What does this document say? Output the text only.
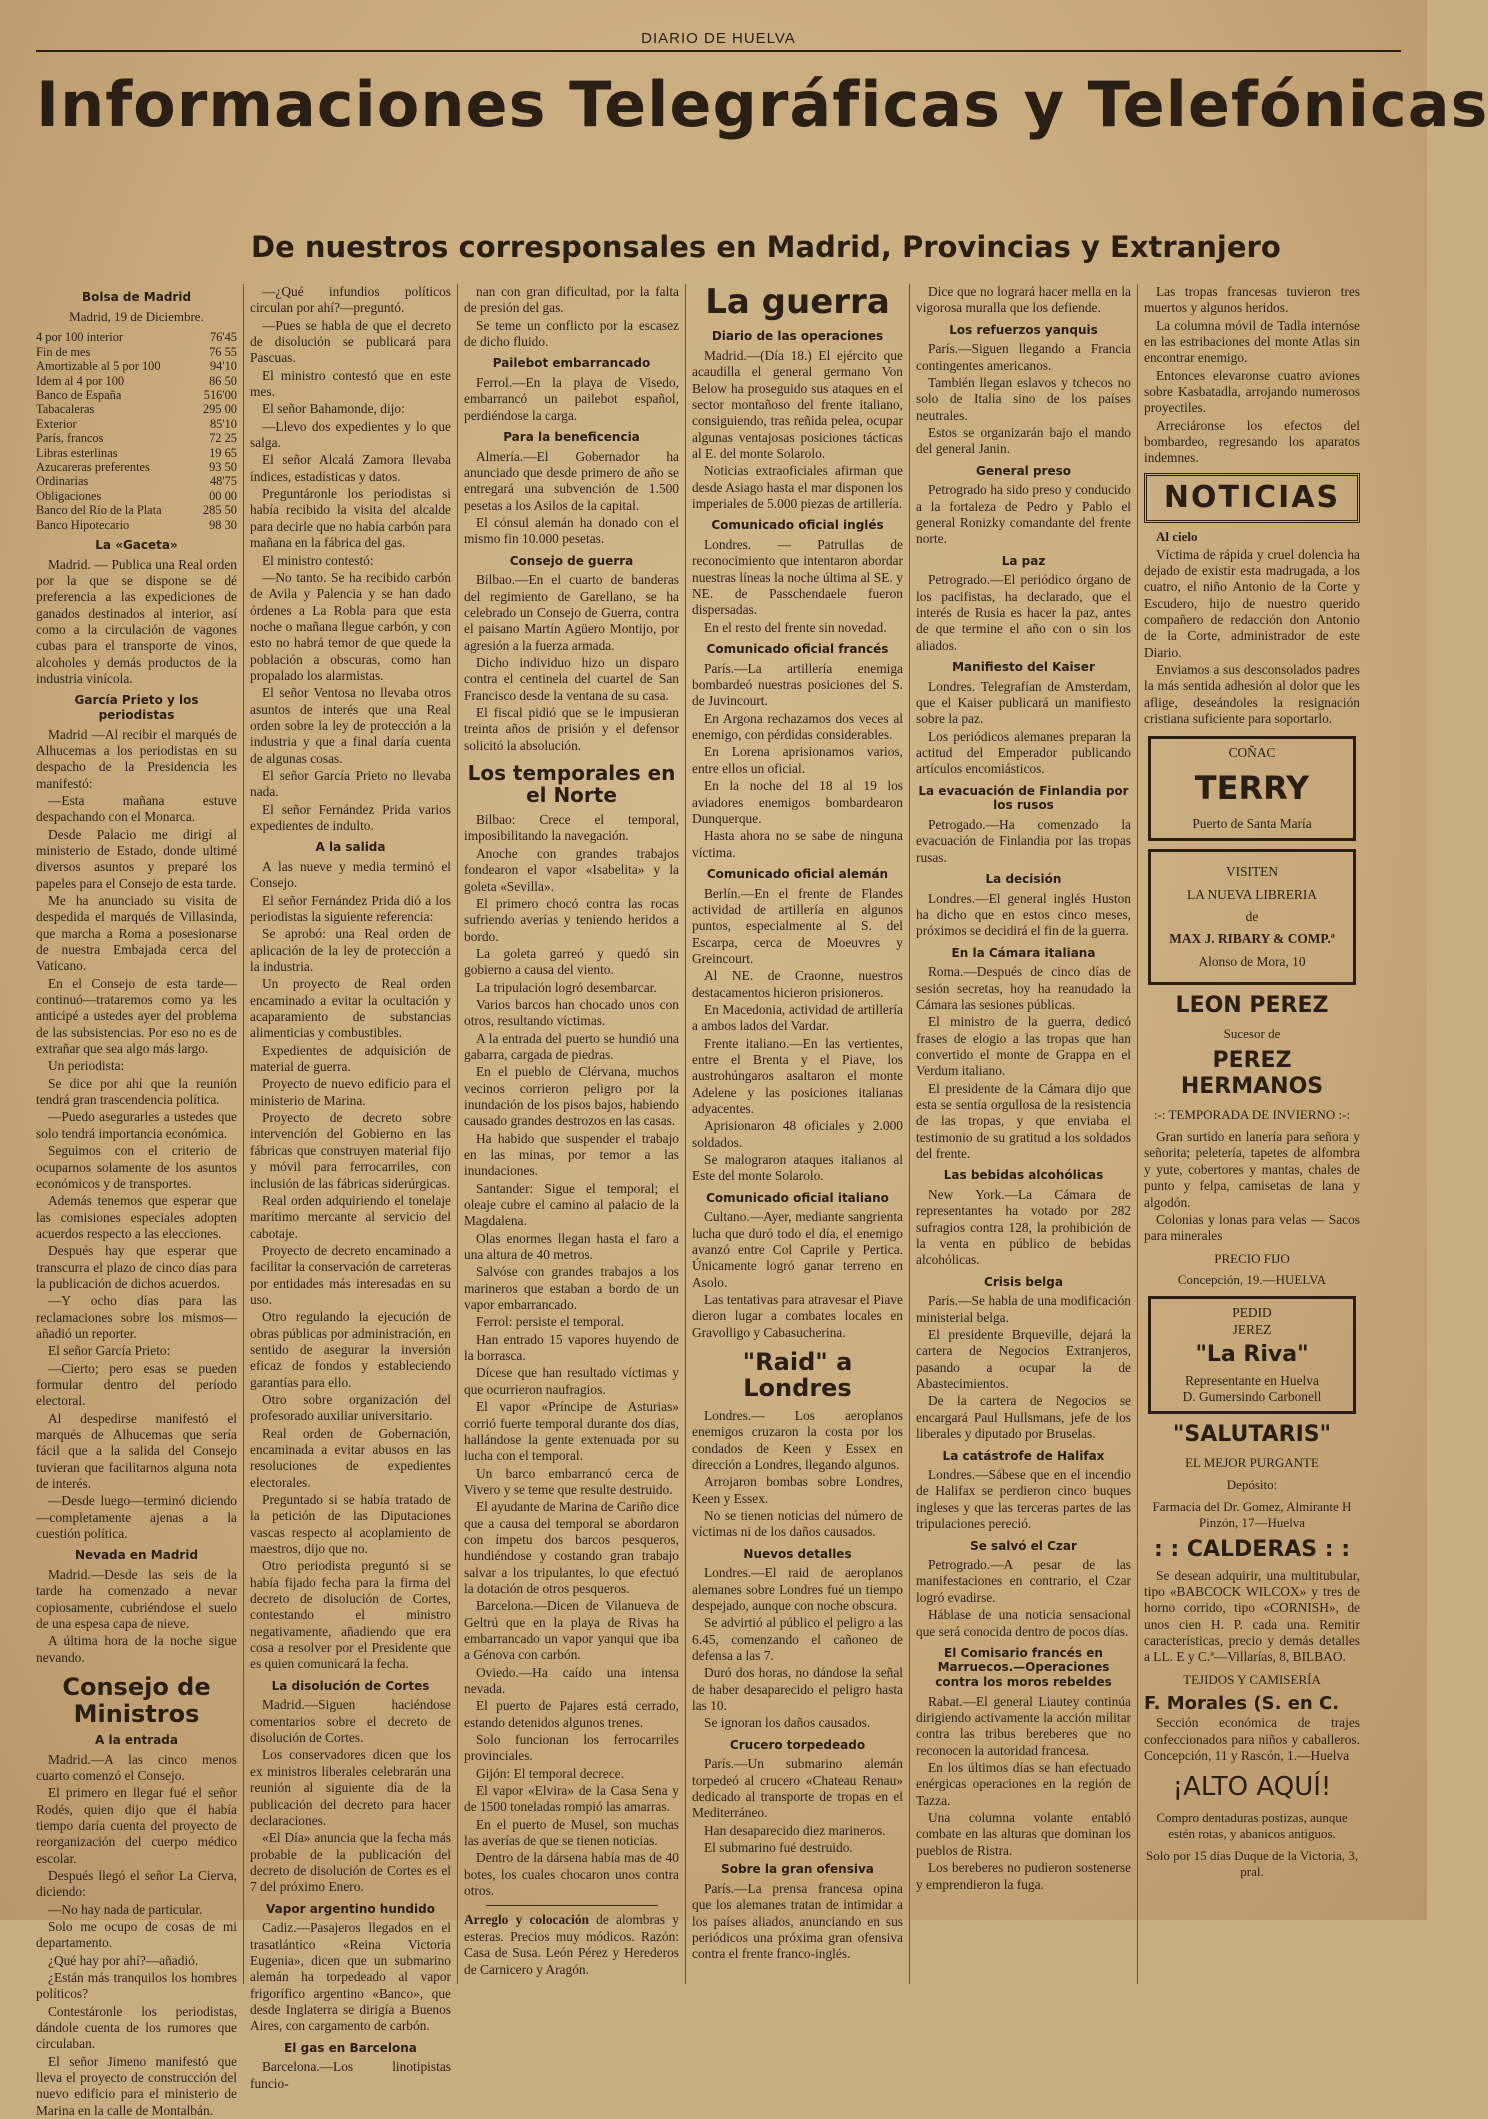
DIARIO DE HUELVA
Informaciones Telegráficas y Telefónicas
De nuestros corresponsales en Madrid, Provincias y Extranjero
Bolsa de Madrid
Madrid, 19 de Diciembre.
4 por 100 interior	76'45
Fin de mes	76 55
Amortizable al 5 por 100	94'10
Idem al 4 por 100	86 50
Banco de España	516'00
Tabacaleras	295 00
Exterior	85'10
París, francos	72 25
Libras esterlinas	19 65
Azucareras preferentes	93 50
Ordinarias	48'75
Obligaciones	00 00
Banco del Río de la Plata	285 50
Banco Hipotecario	98 30
La «Gaceta»

Madrid. — Publica una Real orden por la que se dispone se dé preferencia a las expediciones de ganados destinados al interior, así como a la circulación de vagones cubas para el transporte de vinos, alcoholes y demás productos de la industria vinícola.

García Prieto y los periodistas

Madrid —Al recibir el marqués de Alhucemas a los periodistas en su despacho de la Presidencia les manifestó:

—Esta mañana estuve despachando con el Monarca.

Desde Palacio me dirigí al ministerio de Estado, donde ultimé diversos asuntos y preparé los papeles para el Consejo de esta tarde.

Me ha anunciado su visita de despedida el marqués de Villasinda, que marcha a Roma a posesionarse de nuestra Embajada cerca del Vaticano.

En el Consejo de esta tarde—continuó—trataremos como ya les anticipé a ustedes ayer del problema de las subsistencias. Por eso no es de extrañar que sea algo más largo.

Un periodista:

Se dice por ahí que la reunión tendrá gran trascendencia política.

—Puedo asegurarles a ustedes que solo tendrá importancia económica.

Seguimos con el criterio de ocuparnos solamente de los asuntos económicos y de transportes.

Además tenemos que esperar que las comisiones especiales adopten acuerdos respecto a las elecciones.

Después hay que esperar que transcurra el plazo de cinco días para la publicación de dichos acuerdos.

—Y ocho días para las reclamaciones sobre los mismos—añadió un reporter.

El señor García Prieto:

—Cierto; pero esas se pueden formular dentro del período electoral.

Al despedirse manifestó el marqués de Alhucemas que sería fácil que a la salida del Consejo tuvieran que facilitarnos alguna nota de interés.

—Desde luego—terminó diciendo—completamente ajenas a la cuestión política.

Nevada en Madrid

Madrid.—Desde las seis de la tarde ha comenzado a nevar copiosamente, cubriéndose el suelo de una espesa capa de nieve.

A última hora de la noche sigue nevando.

Consejo de Ministros
A la entrada

Madrid.—A las cinco menos cuarto comenzó el Consejo.

El primero en llegar fué el señor Rodés, quien dijo que él había tiempo daría cuenta del proyecto de reorganización del cuerpo médico escolar.

Después llegó el señor La Cierva, diciendo:

—No hay nada de particular.

Solo me ocupo de cosas de mi departamento.

¿Qué hay por ahí?—añadió.

¿Están más tranquilos los hombres políticos?

Contestáronle los periodistas, dándole cuenta de los rumores que circulaban.

El señor Jimeno manifestó que lleva el proyecto de construcción del nuevo edificio para el ministerio de Marina en la calle de Montalbán.

—¿Qué infundios políticos circulan por ahí?—preguntó.

—Pues se habla de que el decreto de disolución se publicará para Pascuas.

El ministro contestó que en este mes.

El señor Bahamonde, dijo:

—Llevo dos expedientes y lo que salga.

El señor Alcalá Zamora llevaba índices, estadísticas y datos.

Preguntáronle los periodistas si había recibido la visita del alcalde para decirle que no había carbón para mañana en la fábrica del gas.

El ministro contestó:

—No tanto. Se ha recibido carbón de Avila y Palencia y se han dado órdenes a La Robla para que esta noche o mañana llegue carbón, y con esto no habrá temor de que quede la población a obscuras, como han propalado los alarmistas.

El señor Ventosa no llevaba otros asuntos de interés que una Real orden sobre la ley de protección a la industria y que a final daría cuenta de algunas cosas.

El señor García Prieto no llevaba nada.

El señor Fernández Prida varios expedientes de indulto.

A la salida

A las nueve y media terminó el Consejo.

El señor Fernández Prida dió a los periodistas la siguiente referencia:

Se aprobó: una Real orden de aplicación de la ley de protección a la industria.

Un proyecto de Real orden encaminado a evitar la ocultación y acaparamiento de substancias alimenticias y combustibles.

Expedientes de adquisición de material de guerra.

Proyecto de nuevo edificio para el ministerio de Marina.

Proyecto de decreto sobre intervención del Gobierno en las fábricas que construyen material fijo y móvil para ferrocarriles, con inclusión de las fábricas siderúrgicas.

Real orden adquiriendo el tonelaje marítimo mercante al servicio del cabotaje.

Proyecto de decreto encaminado a facilitar la conservación de carreteras por entidades más interesadas en su uso.

Otro regulando la ejecución de obras públicas por administración, en sentido de asegurar la inversión eficaz de fondos y estableciendo garantías para ello.

Otro sobre organización del profesorado auxiliar universitario.

Real orden de Gobernación, encaminada a evitar abusos en las resoluciones de expedientes electorales.

Preguntado si se había tratado de la petición de las Diputaciones vascas respecto al acoplamiento de maestros, dijo que no.

Otro periodista preguntó si se había fijado fecha para la firma del decreto de disolución de Cortes, contestando el ministro negativamente, añadiendo que era cosa a resolver por el Presidente que es quien comunicará la fecha.

La disolución de Cortes

Madrid.—Siguen haciéndose comentarios sobre el decreto de disolución de Cortes.

Los conservadores dicen que los ex ministros liberales celebrarán una reunión al siguiente día de la publicación del decreto para hacer declaraciones.

«El Día» anuncia que la fecha más probable de la publicación del decreto de disolución de Cortes es el 7 del próximo Enero.

Vapor argentino hundido

Cadiz.—Pasajeros llegados en el trasatlántico «Reina Victoria Eugenia», dicen que un submarino alemán ha torpedeado al vapor frigorífico argentino «Banco», que desde Inglaterra se dirigía a Buenos Aires, con cargamento de carbón.

El gas en Barcelona

Barcelona.—Los linotipistas funcio-

nan con gran dificultad, por la falta de presión del gas.

Se teme un conflicto por la escasez de dicho fluido.

Pailebot embarrancado

Ferrol.—En la playa de Visedo, embarrancó un pailebot español, perdiéndose la carga.

Para la beneficencia

Almería.—El Gobernador ha anunciado que desde primero de año se entregará una subvención de 1.500 pesetas a los Asilos de la capital.

El cónsul alemán ha donado con el mismo fin 10.000 pesetas.

Consejo de guerra

Bilbao.—En el cuarto de banderas del regimiento de Garellano, se ha celebrado un Consejo de Guerra, contra el paisano Martín Agüero Montijo, por agresión a la fuerza armada.

Dicho individuo hizo un disparo contra el centinela del cuartel de San Francisco desde la ventana de su casa.

El fiscal pidió que se le impusieran treinta años de prisión y el defensor solicitó la absolución.

Los temporales en el Norte

Bilbao: Crece el temporal, imposibilitando la navegación.

Anoche con grandes trabajos fondearon el vapor «Isabelita» y la goleta «Sevilla».

El primero chocó contra las rocas sufriendo averías y teniendo heridos a bordo.

La goleta garreó y quedó sin gobierno a causa del viento.

La tripulación logró desembarcar.

Varios barcos han chocado unos con otros, resultando víctimas.

A la entrada del puerto se hundió una gabarra, cargada de piedras.

En el pueblo de Clérvana, muchos vecinos corrieron peligro por la inundación de los pisos bajos, habiendo causado grandes destrozos en las casas.

Ha habido que suspender el trabajo en las minas, por temor a las inundaciones.

Santander: Sigue el temporal; el oleaje cubre el camino al palacio de la Magdalena.

Olas enormes llegan hasta el faro a una altura de 40 metros.

Salvóse con grandes trabajos a los marineros que estaban a bordo de un vapor embarrancado.

Ferrol: persiste el temporal.

Han entrado 15 vapores huyendo de la borrasca.

Dícese que han resultado víctimas y que ocurrieron naufragios.

El vapor «Príncipe de Asturias» corrió fuerte temporal durante dos días, hallándose la gente extenuada por su lucha con el temporal.

Un barco embarrancó cerca de Vivero y se teme que resulte destruido.

El ayudante de Marina de Cariño dice que a causa del temporal se abordaron con ímpetu dos barcos pesqueros, hundiéndose y costando gran trabajo salvar a los tripulantes, lo que efectuó la dotación de otros pesqueros.

Barcelona.—Dicen de Vilanueva de Geltrú que en la playa de Rivas ha embarrancado un vapor yanqui que iba a Génova con carbón.

Oviedo.—Ha caído una intensa nevada.

El puerto de Pajares está cerrado, estando detenidos algunos trenes.

Solo funcionan los ferrocarriles provinciales.

Gijón: El temporal decrece.

El vapor «Elvira» de la Casa Sena y de 1500 toneladas rompió las amarras.

En el puerto de Musel, son muchas las averías de que se tienen noticias.

Dentro de la dársena había mas de 40 botes, los cuales chocaron unos contra otros.

Arreglo y colocación de alombras y esteras. Precios muy módicos. Razón: Casa de Susa. León Pérez y Herederos de Carnicero y Aragón.

La guerra
Diario de las operaciones

Madrid.—(Día 18.) El ejército que acaudilla el general germano Von Below ha proseguido sus ataques en el sector montañoso del frente italiano, consiguiendo, tras reñida pelea, ocupar algunas ventajosas posiciones tácticas al E. del monte Solarolo.

Noticias extraoficiales afirman que desde Asiago hasta el mar disponen los imperiales de 5.000 piezas de artillería.

Comunicado oficial inglés

Londres. — Patrullas de reconocimiento que intentaron abordar nuestras líneas la noche última al SE. y NE. de Passchendaele fueron dispersadas.

En el resto del frente sin novedad.

Comunicado oficial francés

París.—La artillería enemiga bombardeó nuestras posiciones del S. de Juvincourt.

En Argona rechazamos dos veces al enemigo, con pérdidas considerables.

En Lorena aprisionamos varios, entre ellos un oficial.

En la noche del 18 al 19 los aviadores enemigos bombardearon Dunquerque.

Hasta ahora no se sabe de ninguna víctima.

Comunicado oficial alemán

Berlín.—En el frente de Flandes actividad de artillería en algunos puntos, especialmente al S. del Escarpa, cerca de Moeuvres y Greincourt.

Al NE. de Craonne, nuestros destacamentos hicieron prisioneros.

En Macedonia, actividad de artillería a ambos lados del Vardar.

Frente italiano.—En las vertientes, entre el Brenta y el Piave, los austrohúngaros asaltaron el monte Adelene y las posiciones italianas adyacentes.

Aprisionaron 48 oficiales y 2.000 soldados.

Se malograron ataques italianos al Este del monte Solarolo.

Comunicado oficial italiano

Cultano.—Ayer, mediante sangrienta lucha que duró todo el día, el enemigo avanzó entre Col Caprile y Pertica. Únicamente logró ganar terreno en Asolo.

Las tentativas para atravesar el Piave dieron lugar a combates locales en Gravolligo y Cabasucherina.

"Raid" a Londres

Londres.— Los aeroplanos enemigos cruzaron la costa por los condados de Keen y Essex en dirección a Londres, llegando algunos.

Arrojaron bombas sobre Londres, Keen y Essex.

No se tienen noticias del número de víctimas ni de los daños causados.

Nuevos detalles

Londres.—El raid de aeroplanos alemanes sobre Londres fué un tiempo despejado, aunque con noche obscura.

Se advirtió al público el peligro a las 6.45, comenzando el cañoneo de defensa a las 7.

Duró dos horas, no dándose la señal de haber desaparecido el peligro hasta las 10.

Se ignoran los daños causados.

Crucero torpedeado

París.—Un submarino alemán torpedeó al crucero «Chateau Renau» dedicado al transporte de tropas en el Mediterráneo.

Han desaparecido diez marineros.

El submarino fué destruido.

Sobre la gran ofensiva

París.—La prensa francesa opina que los alemanes tratan de intimidar a los países aliados, anunciando en sus periódicos una próxima gran ofensiva contra el frente franco-inglés.

Dice que no logrará hacer mella en la vigorosa muralla que los defiende.

Los refuerzos yanquis

París.—Siguen llegando a Francia contingentes americanos.

También llegan eslavos y tchecos no solo de Italia sino de los países neutrales.

Estos se organizarán bajo el mando del general Janin.

General preso

Petrogrado ha sido preso y conducido a la fortaleza de Pedro y Pablo el general Ronizky comandante del frente norte.

La paz

Petrogrado.—El periódico órgano de los pacifistas, ha declarado, que el interés de Rusia es hacer la paz, antes de que termine el año con o sin los aliados.

Manifiesto del Kaiser

Londres. Telegrafían de Amsterdam, que el Kaiser publicará un manifiesto sobre la paz.

Los periódicos alemanes preparan la actitud del Emperador publicando artículos encomiásticos.

La evacuación de Finlandia por los rusos

Petrogado.—Ha comenzado la evacuación de Finlandia por las tropas rusas.

La decisión

Londres.—El general inglés Huston ha dicho que en estos cinco meses, próximos se decidirá el fin de la guerra.

En la Cámara italiana

Roma.—Después de cinco días de sesión secretas, hoy ha reanudado la Cámara las sesiones públicas.

El ministro de la guerra, dedicó frases de elogio a las tropas que han convertido el monte de Grappa en el Verdum italiano.

El presidente de la Cámara dijo que esta se sentía orgullosa de la resistencia de las tropas, y que enviaba el testimonio de su gratitud a los soldados del frente.

Las bebidas alcohólicas

New York.—La Cámara de representantes ha votado por 282 sufragios contra 128, la prohibición de la venta en público de bebidas alcohólicas.

Crisis belga

París.—Se habla de una modificación ministerial belga.

El presidente Brqueville, dejará la cartera de Negocios Extranjeros, pasando a ocupar la de Abastecimientos.

De la cartera de Negocios se encargará Paul Hullsmans, jefe de los liberales y diputado por Bruselas.

La catástrofe de Halifax

Londres.—Sábese que en el incendio de Halifax se perdieron cinco buques ingleses y que las terceras partes de las tripulaciones pereció.

Se salvó el Czar

Petrogrado.—A pesar de las manifestaciones en contrario, el Czar logró evadirse.

Háblase de una noticia sensacional que será conocida dentro de pocos días.

El Comisario francés en Marruecos.—Operaciones contra los moros rebeldes

Rabat.—El general Liautey continúa dirigiendo activamente la acción militar contra las tribus bereberes que no reconocen la autoridad francesa.

En los últimos días se han efectuado enérgicas operaciones en la región de Tazza.

Una columna volante entabló combate en las alturas que dominan los pueblos de Ristra.

Los bereberes no pudieron sostenerse y emprendieron la fuga.

Las tropas francesas tuvieron tres muertos y algunos heridos.

La columna móvil de Tadla internóse en las estribaciones del monte Atlas sin encontrar enemigo.

Entonces elevaronse cuatro aviones sobre Kasbatadla, arrojando numerosos proyectiles.

Arreciáronse los efectos del bombardeo, regresando los aparatos indemnes.

NOTICIAS

Al cielo

Víctima de rápida y cruel dolencia ha dejado de existir esta madrugada, a los cuatro, el niño Antonio de la Corte y Escudero, hijo de nuestro querido compañero de redacción don Antonio de la Corte, administrador de este Diario.

Enviamos a sus desconsolados padres la más sentida adhesión al dolor que les aflige, deseándoles la resignación cristiana suficiente para soportarlo.

COÑAC
TERRY
Puerto de Santa María
VISITEN
LA NUEVA LIBRERIA
de
MAX J. RIBARY & COMP.ª
Alonso de Mora, 10
LEON PEREZ
Sucesor de
PEREZ HERMANOS
:-: TEMPORADA DE INVIERNO :-:

Gran surtido en lanería para señora y señorita; peletería, tapetes de alfombra y yute, cobertores y mantas, chales de punto y felpa, camisetas de lana y algodón.

Colonias y lonas para velas — Sacos para minerales

PRECIO FIJO
Concepción, 19.—HUELVA
PEDID
JEREZ
"La Riva"
Representante en Huelva
D. Gumersindo Carbonell
"SALUTARIS"
EL MEJOR PURGANTE
Depósito:
Farmacia del Dr. Gomez, Almirante H Pinzón, 17—Huelva
: : CALDERAS : :

Se desean adquirir, una multitubular, tipo «BABCOCK WILCOX» y tres de horno corrido, tipo «CORNISH», de unos cien H. P. cada una. Remitir características, precio y demás detalles a LL. E y C.ª—Villarías, 8, BILBAO.

TEJIDOS Y CAMISERÍA
F. Morales (S. en C.

Sección económica de trajes confeccionados para niños y caballeros. Concepción, 11 y Rascón, 1.—Huelva

¡ALTO AQUÍ!
Compro dentaduras postizas, aunque estén rotas, y abanicos antiguos.
Solo por 15 días Duque de la Victoria, 3, pral.
